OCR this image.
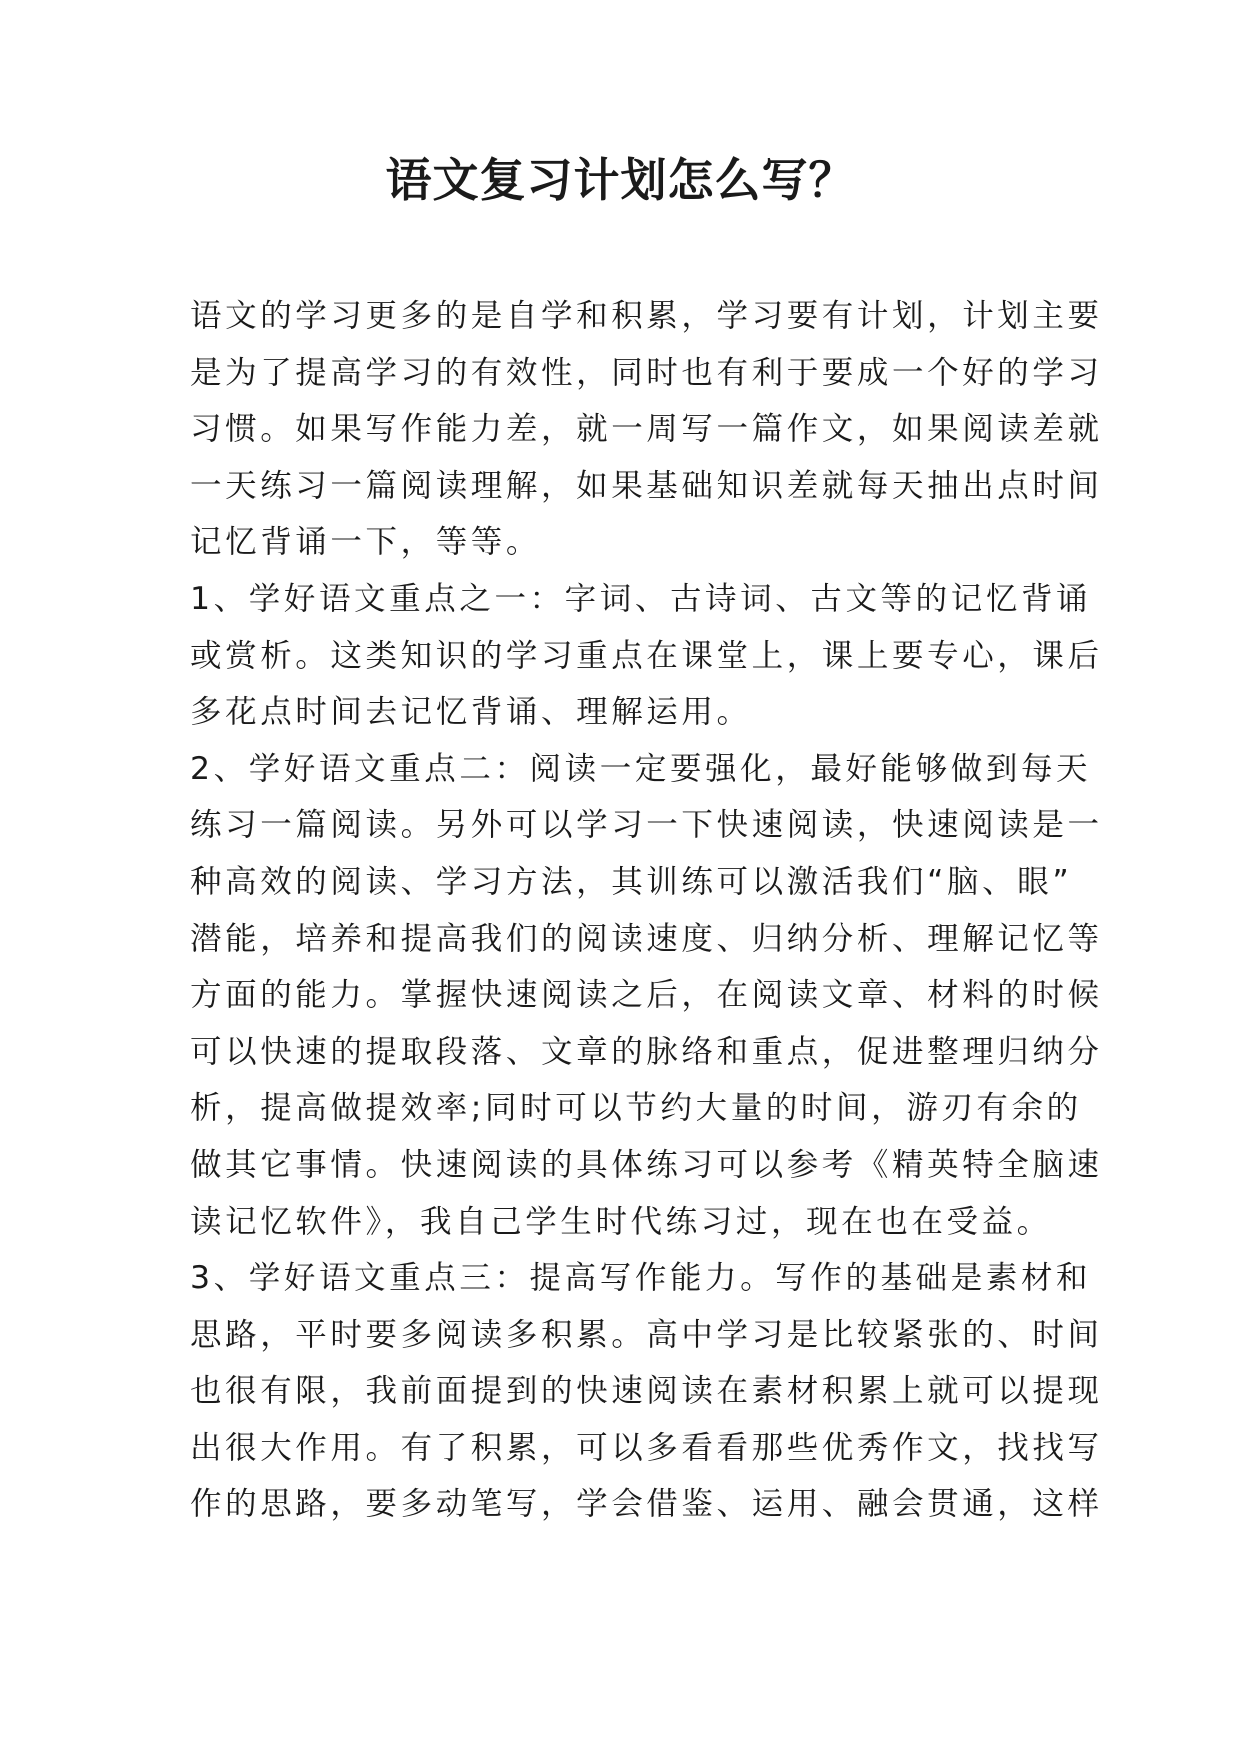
语文复习计划怎么写？
语文的学习更多的是自学和积累，学习要有计划，计划主要
是为了提高学习的有效性，同时也有利于要成一个好的学习
习惯。如果写作能力差，就一周写一篇作文，如果阅读差就
一天练习一篇阅读理解，如果基础知识差就每天抽出点时间
记忆背诵一下，等等。
1、学好语文重点之一：字词、古诗词、古文等的记忆背诵
或赏析。这类知识的学习重点在课堂上，课上要专心，课后
多花点时间去记忆背诵、理解运用。
2、学好语文重点二：阅读一定要强化，最好能够做到每天
练习一篇阅读。另外可以学习一下快速阅读，快速阅读是一
种高效的阅读、学习方法，其训练可以激活我们“脑、眼”
潜能，培养和提高我们的阅读速度、归纳分析、理解记忆等
方面的能力。掌握快速阅读之后，在阅读文章、材料的时候
可以快速的提取段落、文章的脉络和重点，促进整理归纳分
析，提高做提效率;同时可以节约大量的时间，游刃有余的
做其它事情。快速阅读的具体练习可以参考《精英特全脑速
读记忆软件》，我自己学生时代练习过，现在也在受益。
3、学好语文重点三：提高写作能力。写作的基础是素材和
思路，平时要多阅读多积累。高中学习是比较紧张的、时间
也很有限，我前面提到的快速阅读在素材积累上就可以提现
出很大作用。有了积累，可以多看看那些优秀作文，找找写
作的思路，要多动笔写，学会借鉴、运用、融会贯通，这样
